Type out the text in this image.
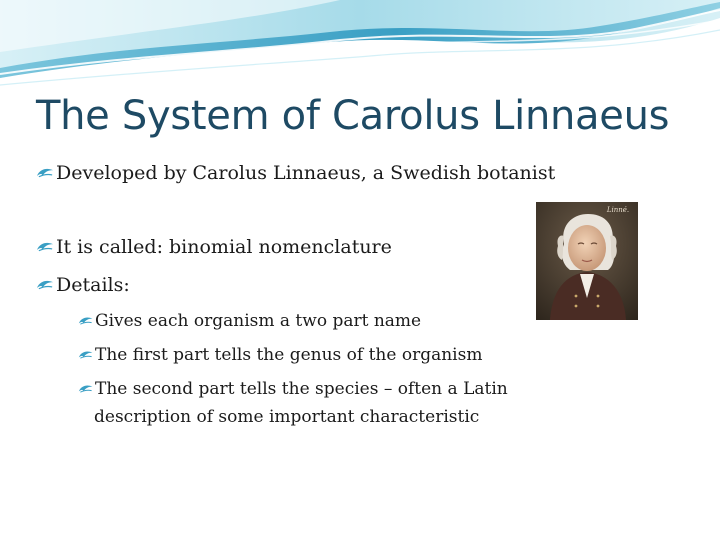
The System of Carolus Linnaeus
Developed by Carolus Linnaeus, a Swedish botanist
It is called: binomial nomenclature
Details:
Gives each organism a two part name
The first part tells the genus of the organism
The second part tells the species – often a Latin
description of some important characteristic
Linné.
